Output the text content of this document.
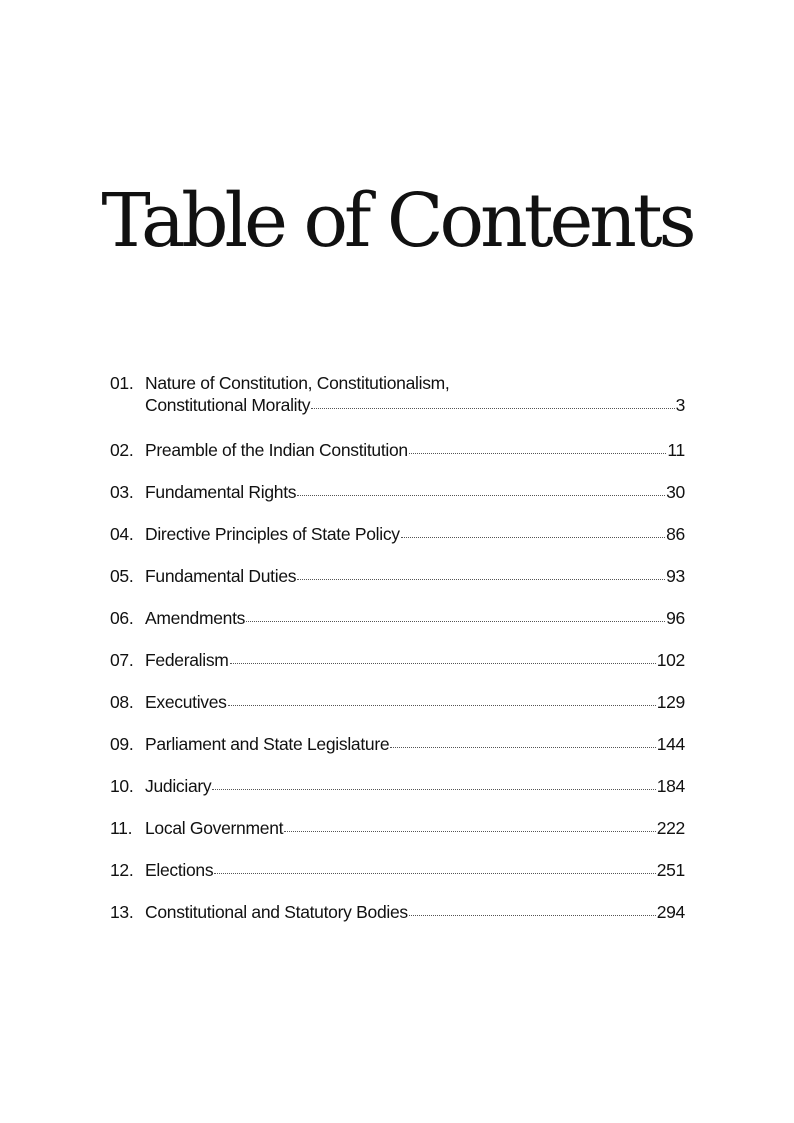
Table of Contents
01. Nature of Constitution, Constitutionalism,
Constitutional Morality	3
02. Preamble of the Indian Constitution	11
03. Fundamental Rights	30
04. Directive Principles of State Policy	86
05. Fundamental Duties	93
06. Amendments	96
07. Federalism	102
08. Executives	129
09. Parliament and State Legislature	144
10. Judiciary	184
11. Local Government	222
12. Elections	251
13. Constitutional and Statutory Bodies	294
